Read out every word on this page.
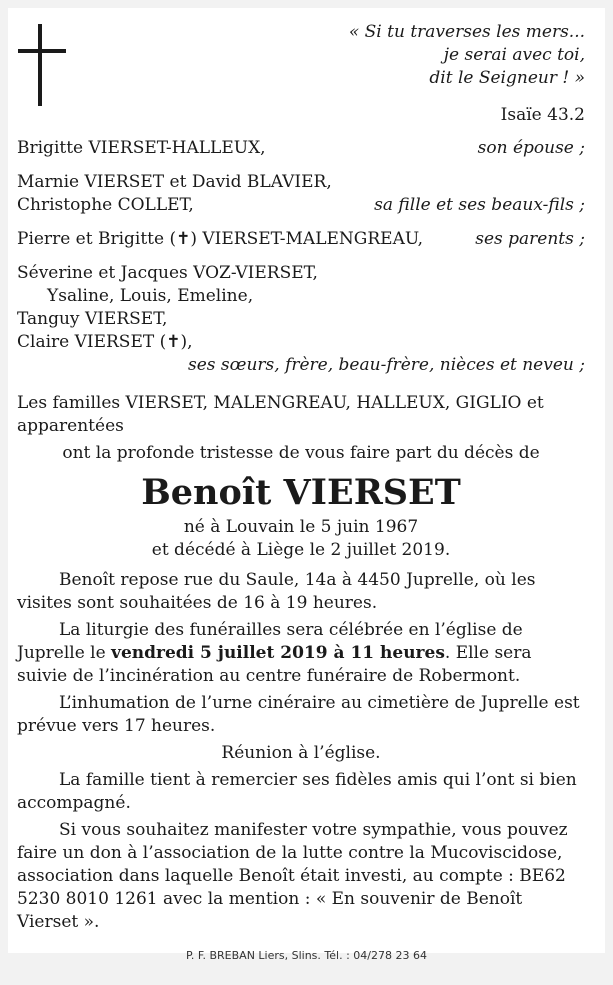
« Si tu traverses les mers...
je serai avec toi,
dit le Seigneur ! »
Isaïe 43.2
Brigitte VIERSET-HALLEUX,	son épouse ;
Marnie VIERSET et David BLAVIER,
Christophe COLLET,	sa fille et ses beaux-fils ;
Pierre et Brigitte (✝) VIERSET-MALENGREAU,	ses parents ;
Séverine et Jacques VOZ-VIERSET,
Ysaline, Louis, Emeline,
Tanguy VIERSET,
Claire VIERSET (✝),
ses sœurs, frère, beau-frère, nièces et neveu ;
Les familles VIERSET, MALENGREAU, HALLEUX, GIGLIO et
apparentées
ont la profonde tristesse de vous faire part du décès de
Benoît VIERSET
né à Louvain le 5 juin 1967
et décédé à Liège le 2 juillet 2019.
Benoît repose rue du Saule, 14a à 4450 Juprelle, où les visites sont souhaitées de 16 à 19 heures.
La liturgie des funérailles sera célébrée en l’église de Juprelle le vendredi 5 juillet 2019 à 11 heures. Elle sera suivie de l’incinération au centre funéraire de Robermont.
L’inhumation de l’urne cinéraire au cimetière de Juprelle est prévue vers 17 heures.
Réunion à l’église.
La famille tient à remercier ses fidèles amis qui l’ont si bien accompagné.
Si vous souhaitez manifester votre sympathie, vous pouvez faire un don à l’association de la lutte contre la Mucoviscidose, association dans laquelle Benoît était investi, au compte : BE62 5230 8010 1261 avec la mention : « En souvenir de Benoît Vierset ».
P. F. BREBAN Liers, Slins. Tél. : 04/278 23 64
